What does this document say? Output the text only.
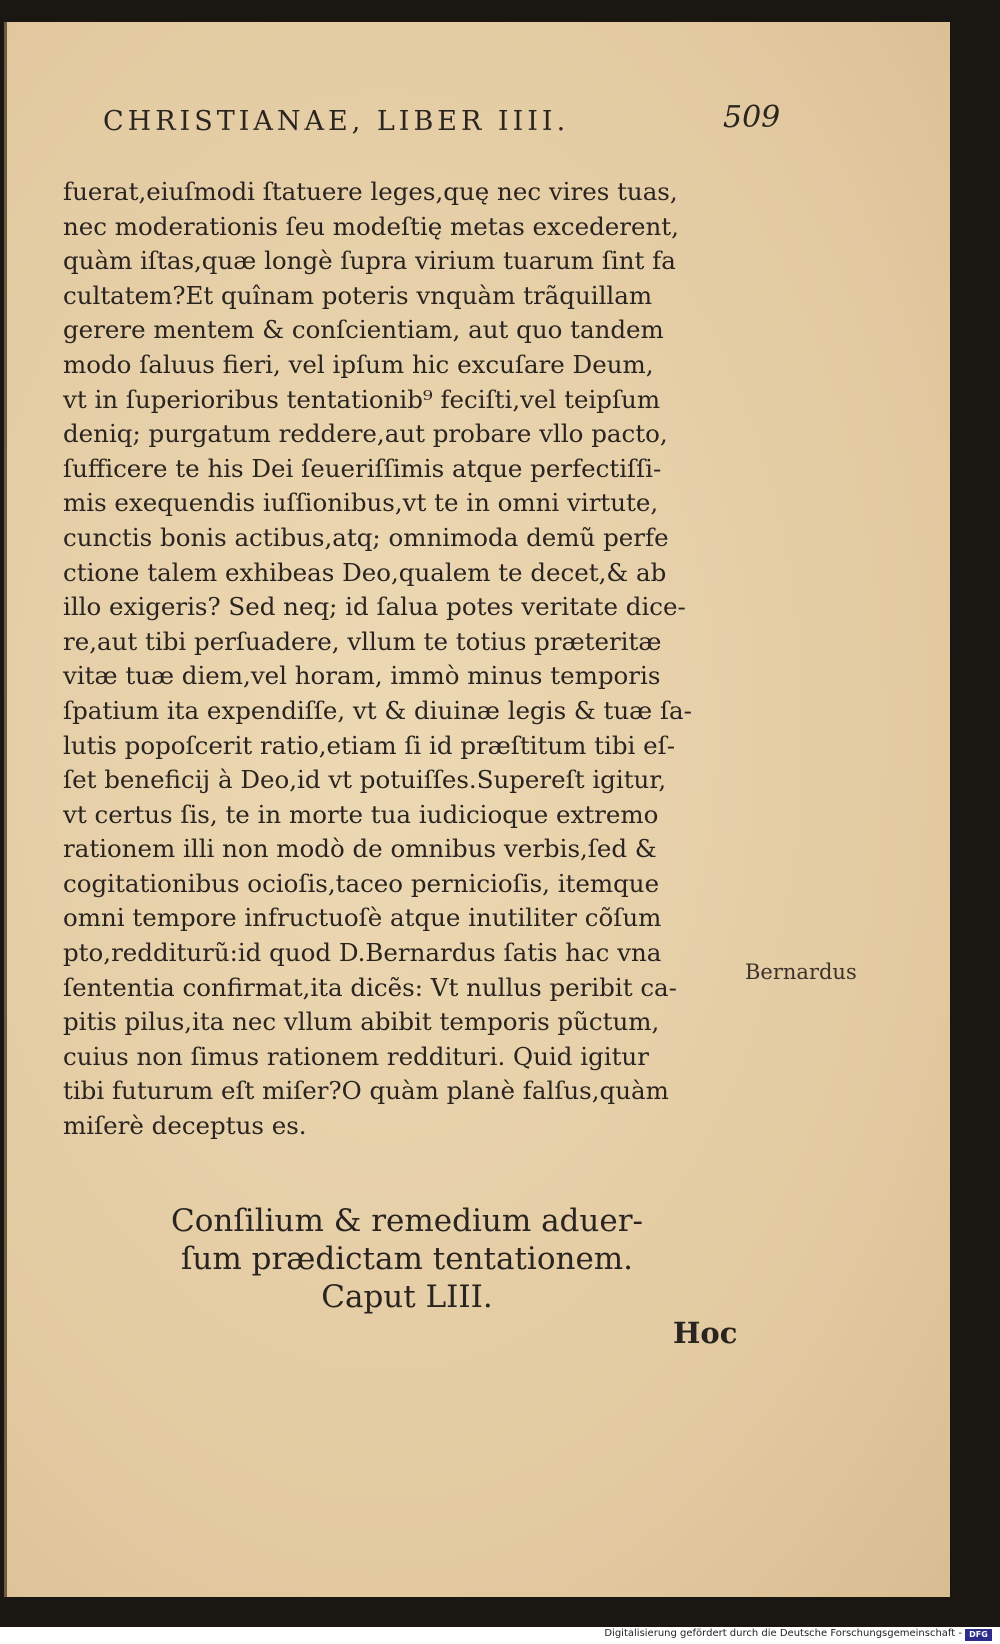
CHRISTIANAE, LIBER IIII.	509
fuerat,eiuſmodi ſtatuere leges,quę nec vires tuas,
nec moderationis ſeu modeſtię metas excederent,
quàm iſtas,quæ longè ſupra virium tuarum ſint fa
cultatem?Et quînam poteris vnquàm trãquillam
gerere mentem & conſcientiam, aut quo tandem
modo ſaluus fieri, vel ipſum hic excuſare Deum,
vt in ſuperioribus tentationib⁹ feciſti,vel teipſum
deniq; purgatum reddere,aut probare vllo pacto,
ſufficere te his Dei ſeueriſſimis atque perfectiſſi-
mis exequendis iuſſionibus,vt te in omni virtute,
cunctis bonis actibus,atq; omnimoda demũ perfe
ctione talem exhibeas Deo,qualem te decet,& ab
illo exigeris? Sed neq; id ſalua potes veritate dice-
re,aut tibi perſuadere, vllum te totius præteritæ
vitæ tuæ diem,vel horam, immò minus temporis
ſpatium ita expendiſſe, vt & diuinæ legis & tuæ ſa-
lutis popoſcerit ratio,etiam ſi id præſtitum tibi eſ-
ſet beneficij à Deo,id vt potuiſſes.Supereſt igitur,
vt certus ſis, te in morte tua iudicioque extremo
rationem illi non modò de omnibus verbis,ſed &
cogitationibus ocioſis,taceo pernicioſis, itemque
omni tempore infructuoſè atque inutiliter cõſum
pto,redditurũ:id quod D.Bernardus ſatis hac vna
ſententia confirmat,ita dicẽs: Vt nullus peribit ca-
pitis pilus,ita nec vllum abibit temporis pũctum,
cuius non ſimus rationem reddituri. Quid igitur
tibi futurum eſt miſer?O quàm planè falſus,quàm
miſerè deceptus es.
Bernardus
Conſilium & remedium aduer-
ſum prædictam tentationem.
Caput LIII.
Hoc
Digitalisierung gefördert durch die Deutsche Forschungsgemeinschaft - DFG
